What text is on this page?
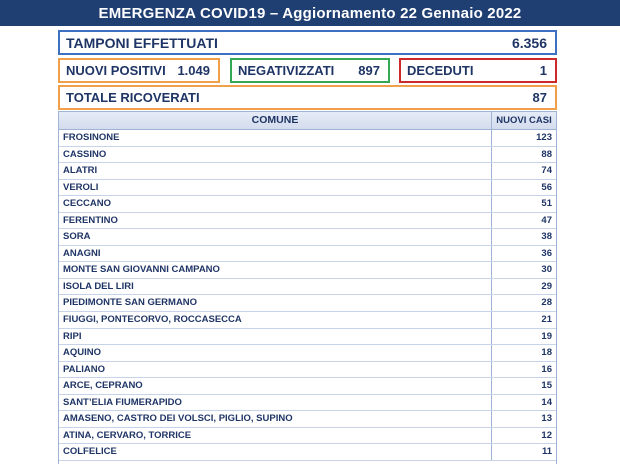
EMERGENZA COVID19 – Aggiornamento 22 Gennaio 2022
TAMPONI EFFETTUATI	6.356
NUOVI POSITIVI 1.049 NEGATIVIZZATI 897 DECEDUTI	1
TOTALE RICOVERATI	87
COMUNE	NUOVI CASI
FROSINONE	123
CASSINO	88
ALATRI	74
VEROLI	56
CECCANO	51
FERENTINO	47
SORA	38
ANAGNI	36
MONTE SAN GIOVANNI CAMPANO	30
ISOLA DEL LIRI	29
PIEDIMONTE SAN GERMANO	28
FIUGGI, PONTECORVO, ROCCASECCA	21
RIPI	19
AQUINO	18
PALIANO	16
ARCE, CEPRANO	15
SANT’ELIA FIUMERAPIDO	14
AMASENO, CASTRO DEI VOLSCI, PIGLIO, SUPINO	13
ATINA, CERVARO, TORRICE	12
COLFELICE	11
